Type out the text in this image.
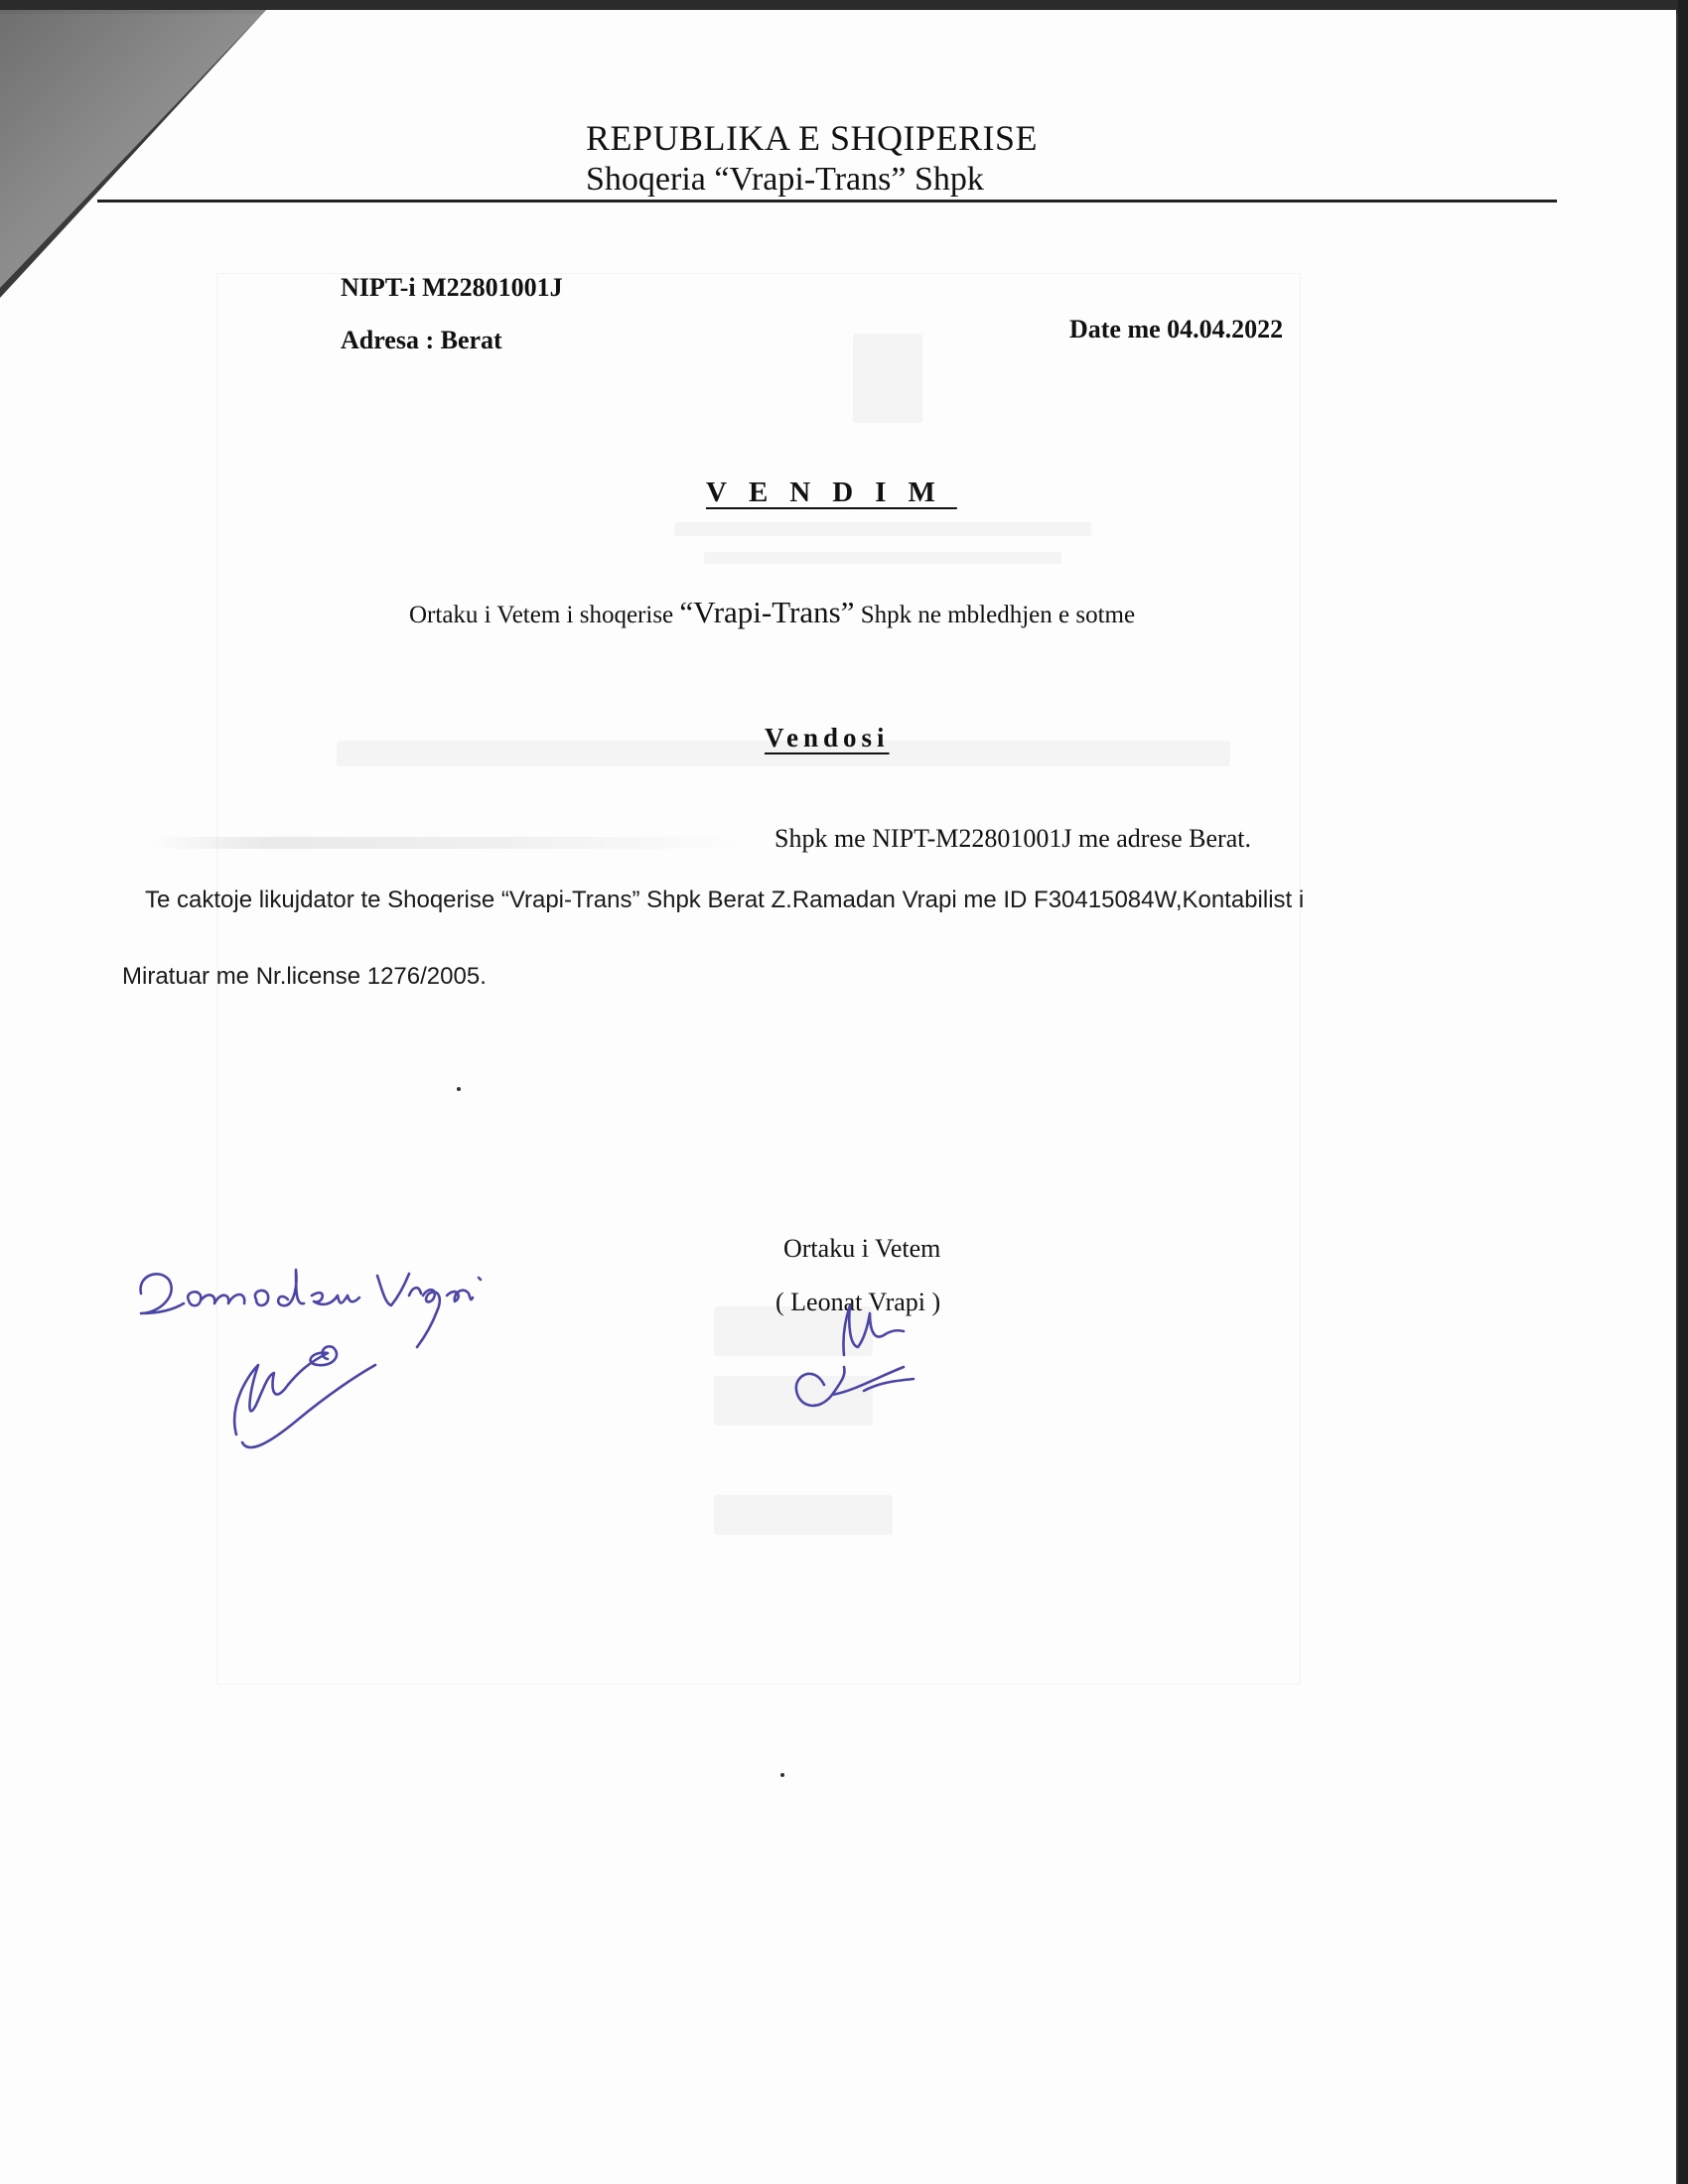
REPUBLIKA E SHQIPERISE
Shoqeria “Vrapi-Trans” Shpk
NIPT-i M22801001J
Adresa : Berat	Date me 04.04.2022
VENDIM
Ortaku i Vetem i shoqerise “Vrapi-Trans” Shpk ne mbledhjen e sotme
Vendosi
Shpk me NIPT-M22801001J me adrese Berat.
Te caktoje likujdator te Shoqerise “Vrapi-Trans” Shpk Berat Z.Ramadan Vrapi me ID F30415084W,Kontabilist i
Miratuar me Nr.license 1276/2005.
Ortaku i Vetem
( Leonat Vrapi )
